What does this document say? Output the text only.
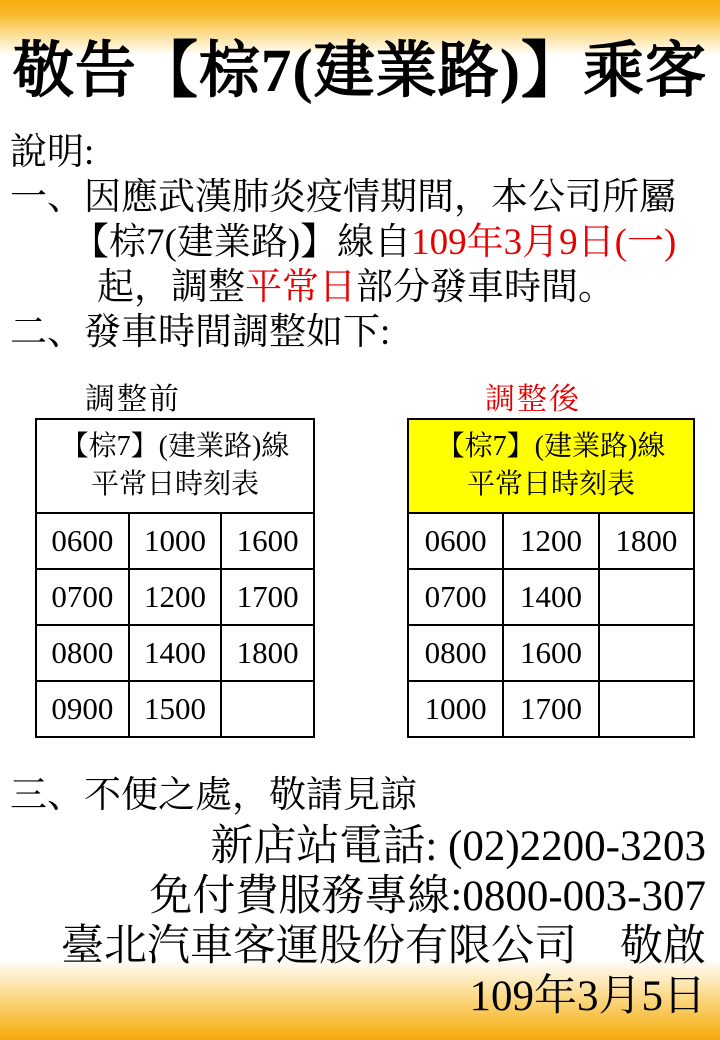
敬告【棕7(建業路)】乘客
說明:
一、因應武漢肺炎疫情期間，本公司所屬
【棕7(建業路)】線自109年3月9日(一)
起，調整平常日部分發車時間。
二、發車時間調整如下:
調整前	調整後
【棕7】(建業路)線
平常日時刻表		

0600	1000	1600
0700	1200	1700
0800	1400	1800
0900	1500	
【棕7】(建業路)線
平常日時刻表		

0600	1200	1800
0700	1400	
0800	1600	
1000	1700	
三、不便之處，敬請見諒
新店站電話: (02)2200-3203
免付費服務專線:0800-003-307
臺北汽車客運股份有限公司　敬啟
109年3月5日
